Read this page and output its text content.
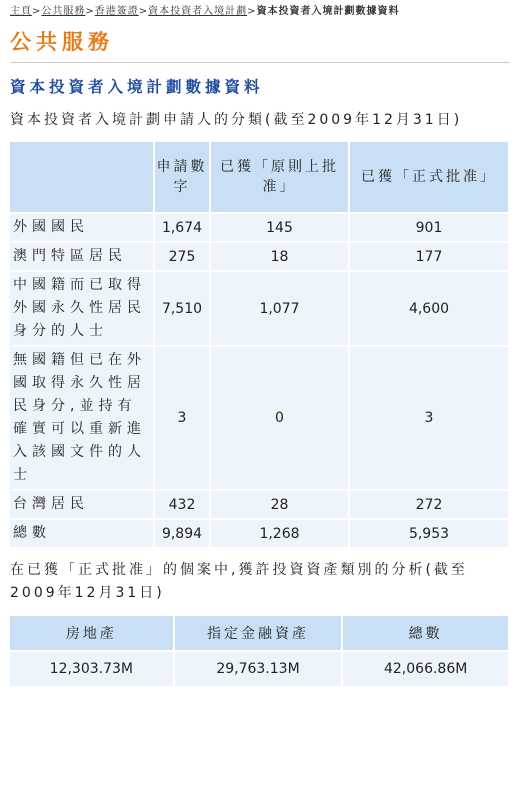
主頁>公共服務>香港簽證>資本投資者入境計劃>資本投資者入境計劃數據資料
公共服務
資本投資者入境計劃數據資料
資本投資者入境計劃申請人的分類(截至2009年12月31日)
	申請數字	已獲「原則上批准」	已獲「正式批准」
外國國民	1,674	145	901
澳門特區居民	275	18	177
中國籍而已取得外國永久性居民身分的人士	7,510	1,077	4,600
無國籍但已在外國取得永久性居民身分,並持有確實可以重新進入該國文件的人士	3	0	3
台灣居民	432	28	272
總數	9,894	1,268	5,953
在已獲「正式批准」的個案中,獲許投資資產類別的分析(截至2009年12月31日)
房地產	指定金融資產	總數
12,303.73M	29,763.13M	42,066.86M
